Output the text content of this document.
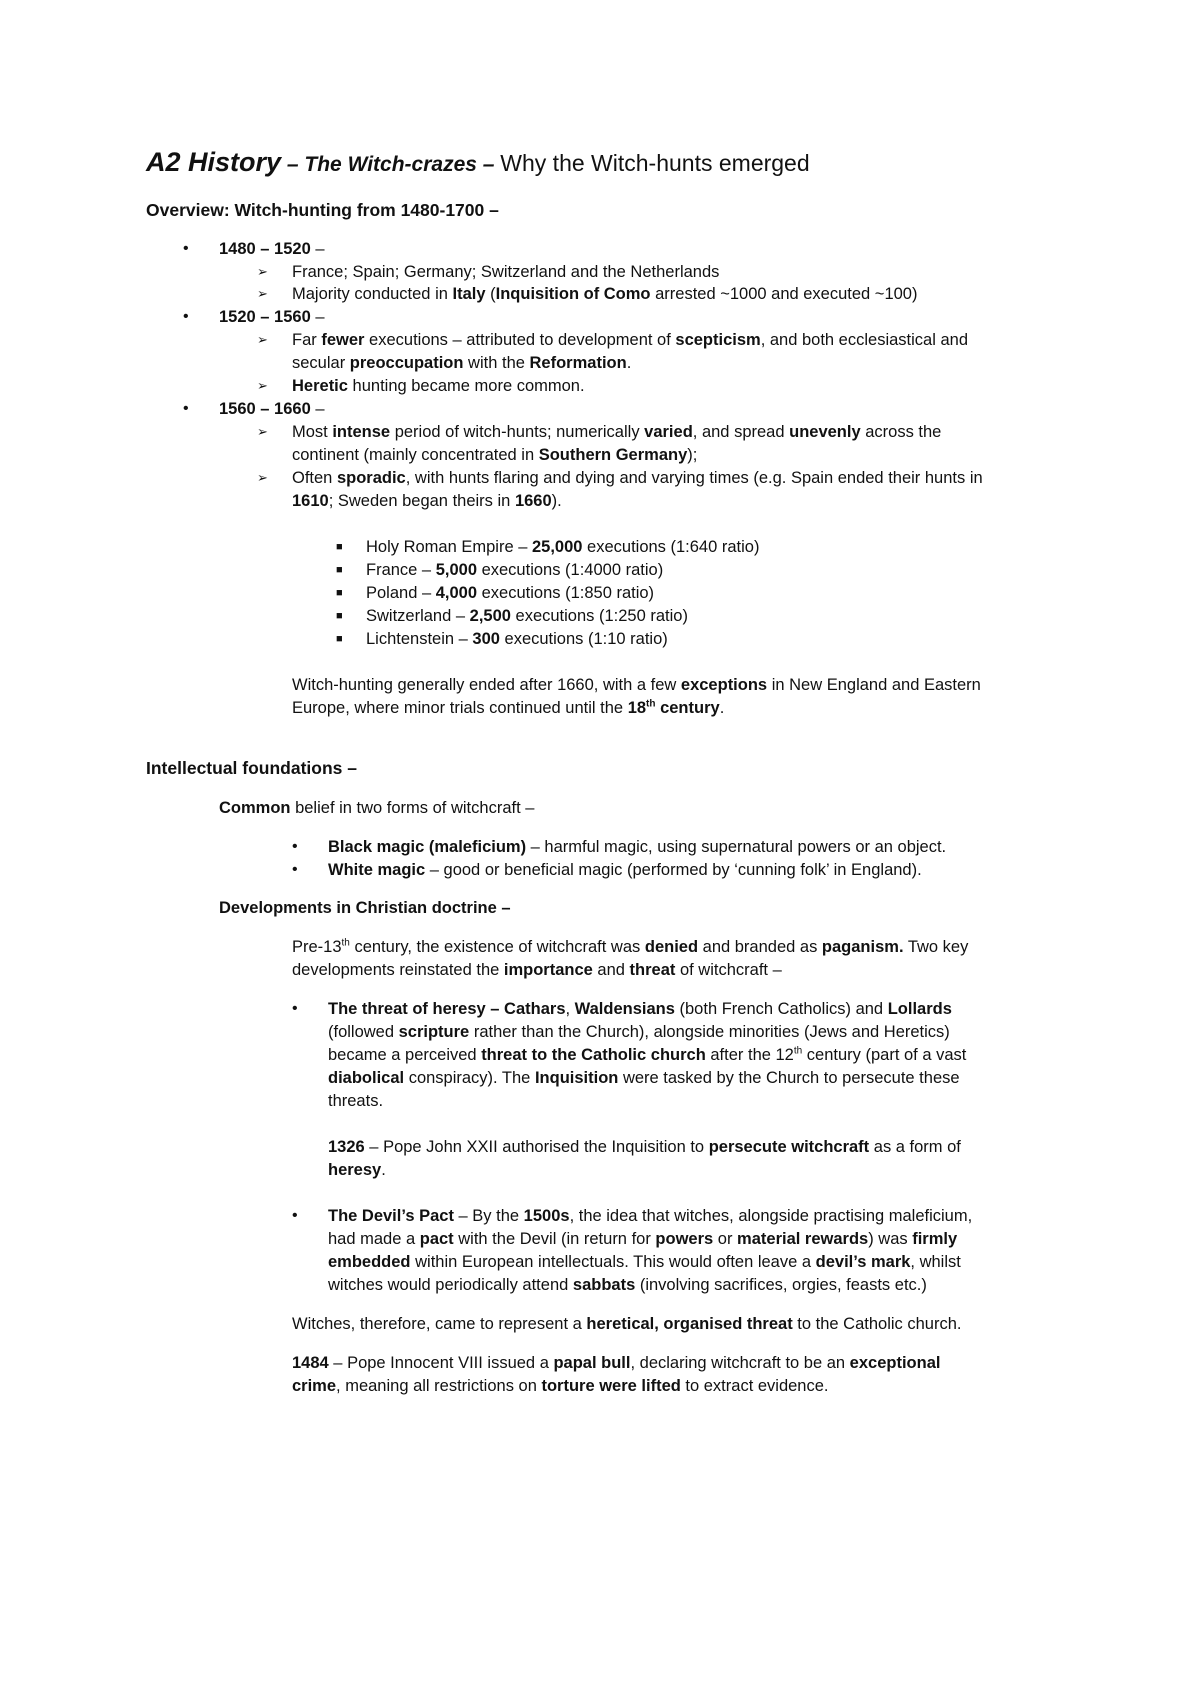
A2 History – The Witch-crazes – Why the Witch-hunts emerged
Overview: Witch-hunting from 1480-1700 –
• 1480 – 1520 –
➢ France; Spain; Germany; Switzerland and the Netherlands
➢ Majority conducted in Italy (Inquisition of Como arrested ~1000 and executed ~100)
• 1520 – 1560 –
➢ Far fewer executions – attributed to development of scepticism, and both ecclesiastical and
secular preoccupation with the Reformation.
➢ Heretic hunting became more common.
• 1560 – 1660 –
➢ Most intense period of witch-hunts; numerically varied, and spread unevenly across the
continent (mainly concentrated in Southern Germany);
➢ Often sporadic, with hunts flaring and dying and varying times (e.g. Spain ended their hunts in
1610; Sweden began theirs in 1660).
■ Holy Roman Empire – 25,000 executions (1:640 ratio)
■ France – 5,000 executions (1:4000 ratio)
■ Poland – 4,000 executions (1:850 ratio)
■ Switzerland – 2,500 executions (1:250 ratio)
■ Lichtenstein – 300 executions (1:10 ratio)
Witch-hunting generally ended after 1660, with a few exceptions in New England and Eastern
Europe, where minor trials continued until the 18th century.
Intellectual foundations –
Common belief in two forms of witchcraft –
• Black magic (maleficium) – harmful magic, using supernatural powers or an object.
• White magic – good or beneficial magic (performed by ‘cunning folk’ in England).
Developments in Christian doctrine –
Pre-13th century, the existence of witchcraft was denied and branded as paganism. Two key
developments reinstated the importance and threat of witchcraft –
• The threat of heresy – Cathars, Waldensians (both French Catholics) and Lollards
(followed scripture rather than the Church), alongside minorities (Jews and Heretics)
became a perceived threat to the Catholic church after the 12th century (part of a vast
diabolical conspiracy). The Inquisition were tasked by the Church to persecute these
threats.
1326 – Pope John XXII authorised the Inquisition to persecute witchcraft as a form of
heresy.
• The Devil’s Pact – By the 1500s, the idea that witches, alongside practising maleficium,
had made a pact with the Devil (in return for powers or material rewards) was firmly
embedded within European intellectuals. This would often leave a devil’s mark, whilst
witches would periodically attend sabbats (involving sacrifices, orgies, feasts etc.)
Witches, therefore, came to represent a heretical, organised threat to the Catholic church.
1484 – Pope Innocent VIII issued a papal bull, declaring witchcraft to be an exceptional
crime, meaning all restrictions on torture were lifted to extract evidence.
